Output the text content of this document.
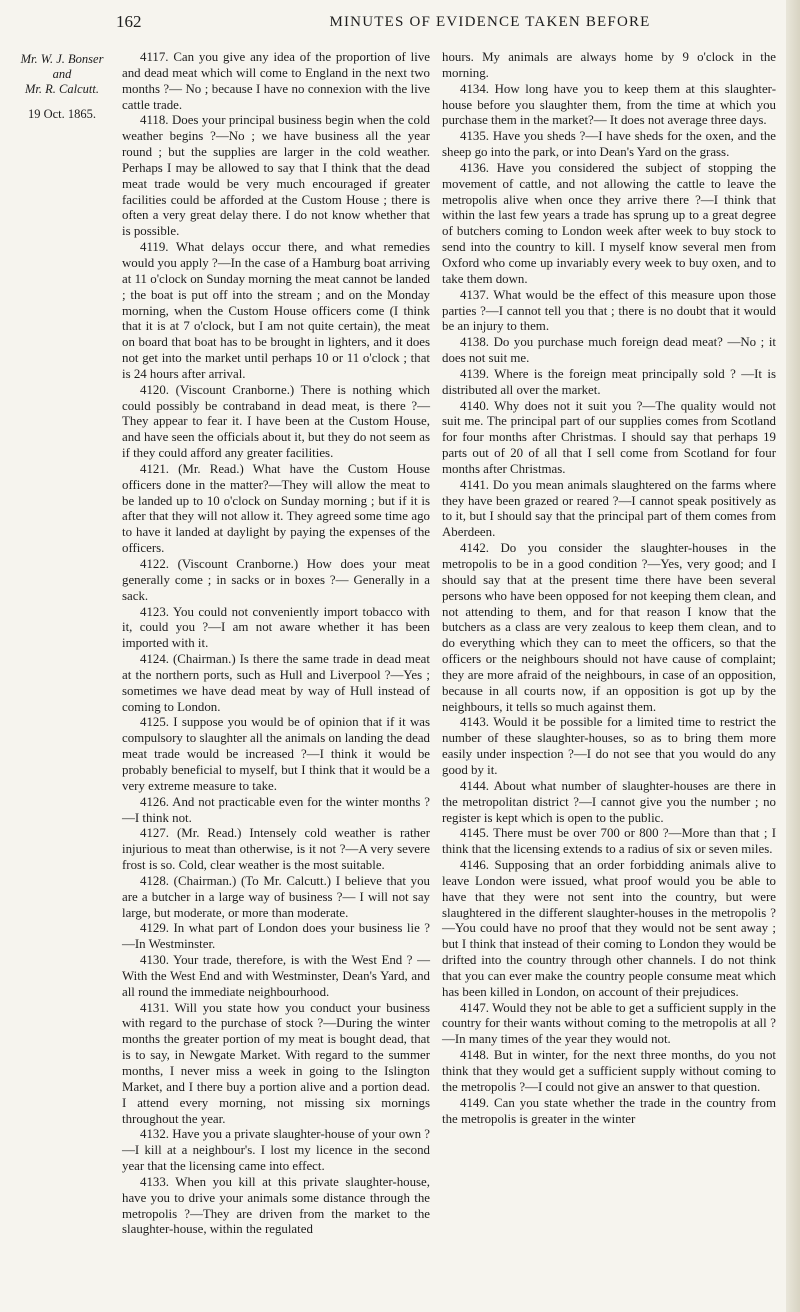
162	MINUTES OF EVIDENCE TAKEN BEFORE
Mr. W. J. Bonser
and
Mr. R. Calcutt.
19 Oct. 1865.

4117. Can you give any idea of the proportion of live and dead meat which will come to England in the next two months ?— No ; because I have no connexion with the live cattle trade.

4118. Does your principal business begin when the cold weather begins ?—No ; we have business all the year round ; but the supplies are larger in the cold weather. Perhaps I may be allowed to say that I think that the dead meat trade would be very much encouraged if greater facilities could be afforded at the Custom House ; there is often a very great delay there. I do not know whether that is possible.

4119. What delays occur there, and what remedies would you apply ?—In the case of a Hamburg boat arriving at 11 o'clock on Sunday morning the meat cannot be landed ; the boat is put off into the stream ; and on the Monday morning, when the Custom House officers come (I think that it is at 7 o'clock, but I am not quite certain), the meat on board that boat has to be brought in lighters, and it does not get into the market until perhaps 10 or 11 o'clock ; that is 24 hours after arrival.

4120. (Viscount Cranborne.) There is nothing which could possibly be contraband in dead meat, is there ?—They appear to fear it. I have been at the Custom House, and have seen the officials about it, but they do not seem as if they could afford any greater facilities.

4121. (Mr. Read.) What have the Custom House officers done in the matter?—They will allow the meat to be landed up to 10 o'clock on Sunday morning ; but if it is after that they will not allow it. They agreed some time ago to have it landed at daylight by paying the expenses of the officers.

4122. (Viscount Cranborne.) How does your meat generally come ; in sacks or in boxes ?— Generally in a sack.

4123. You could not conveniently import tobacco with it, could you ?—I am not aware whether it has been imported with it.

4124. (Chairman.) Is there the same trade in dead meat at the northern ports, such as Hull and Liverpool ?—Yes ; sometimes we have dead meat by way of Hull instead of coming to London.

4125. I suppose you would be of opinion that if it was compulsory to slaughter all the animals on landing the dead meat trade would be increased ?—I think it would be probably beneficial to myself, but I think that it would be a very extreme measure to take.

4126. And not practicable even for the winter months ?—I think not.

4127. (Mr. Read.) Intensely cold weather is rather injurious to meat than otherwise, is it not ?—A very severe frost is so. Cold, clear weather is the most suitable.

4128. (Chairman.) (To Mr. Calcutt.) I believe that you are a butcher in a large way of business ?— I will not say large, but moderate, or more than moderate.

4129. In what part of London does your business lie ?—In Westminster.

4130. Your trade, therefore, is with the West End ? —With the West End and with Westminster, Dean's Yard, and all round the immediate neighbourhood.

4131. Will you state how you conduct your business with regard to the purchase of stock ?—During the winter months the greater portion of my meat is bought dead, that is to say, in Newgate Market. With regard to the summer months, I never miss a week in going to the Islington Market, and I there buy a portion alive and a portion dead. I attend every morning, not missing six mornings throughout the year.

4132. Have you a private slaughter-house of your own ?—I kill at a neighbour's. I lost my licence in the second year that the licensing came into effect.

4133. When you kill at this private slaughter-house, have you to drive your animals some distance through the metropolis ?—They are driven from the market to the slaughter-house, within the regulated

hours. My animals are always home by 9 o'clock in the morning.

4134. How long have you to keep them at this slaughter-house before you slaughter them, from the time at which you purchase them in the market?— It does not average three days.

4135. Have you sheds ?—I have sheds for the oxen, and the sheep go into the park, or into Dean's Yard on the grass.

4136. Have you considered the subject of stopping the movement of cattle, and not allowing the cattle to leave the metropolis alive when once they arrive there ?—I think that within the last few years a trade has sprung up to a great degree of butchers coming to London week after week to buy stock to send into the country to kill. I myself know several men from Oxford who come up invariably every week to buy oxen, and to take them down.

4137. What would be the effect of this measure upon those parties ?—I cannot tell you that ; there is no doubt that it would be an injury to them.

4138. Do you purchase much foreign dead meat? —No ; it does not suit me.

4139. Where is the foreign meat principally sold ? —It is distributed all over the market.

4140. Why does not it suit you ?—The quality would not suit me. The principal part of our supplies comes from Scotland for four months after Christmas. I should say that perhaps 19 parts out of 20 of all that I sell come from Scotland for four months after Christmas.

4141. Do you mean animals slaughtered on the farms where they have been grazed or reared ?—I cannot speak positively as to it, but I should say that the principal part of them comes from Aberdeen.

4142. Do you consider the slaughter-houses in the metropolis to be in a good condition ?—Yes, very good; and I should say that at the present time there have been several persons who have been opposed for not keeping them clean, and not attending to them, and for that reason I know that the butchers as a class are very zealous to keep them clean, and to do everything which they can to meet the officers, so that the officers or the neighbours should not have cause of complaint; they are more afraid of the neighbours, in case of an opposition, because in all courts now, if an opposition is got up by the neighbours, it tells so much against them.

4143. Would it be possible for a limited time to restrict the number of these slaughter-houses, so as to bring them more easily under inspection ?—I do not see that you would do any good by it.

4144. About what number of slaughter-houses are there in the metropolitan district ?—I cannot give you the number ; no register is kept which is open to the public.

4145. There must be over 700 or 800 ?—More than that ; I think that the licensing extends to a radius of six or seven miles.

4146. Supposing that an order forbidding animals alive to leave London were issued, what proof would you be able to have that they were not sent into the country, but were slaughtered in the different slaughter-houses in the metropolis ?—You could have no proof that they would not be sent away ; but I think that instead of their coming to London they would be drifted into the country through other channels. I do not think that you can ever make the country people consume meat which has been killed in London, on account of their prejudices.

4147. Would they not be able to get a sufficient supply in the country for their wants without coming to the metropolis at all ?—In many times of the year they would not.

4148. But in winter, for the next three months, do you not think that they would get a sufficient supply without coming to the metropolis ?—I could not give an answer to that question.

4149. Can you state whether the trade in the country from the metropolis is greater in the winter
